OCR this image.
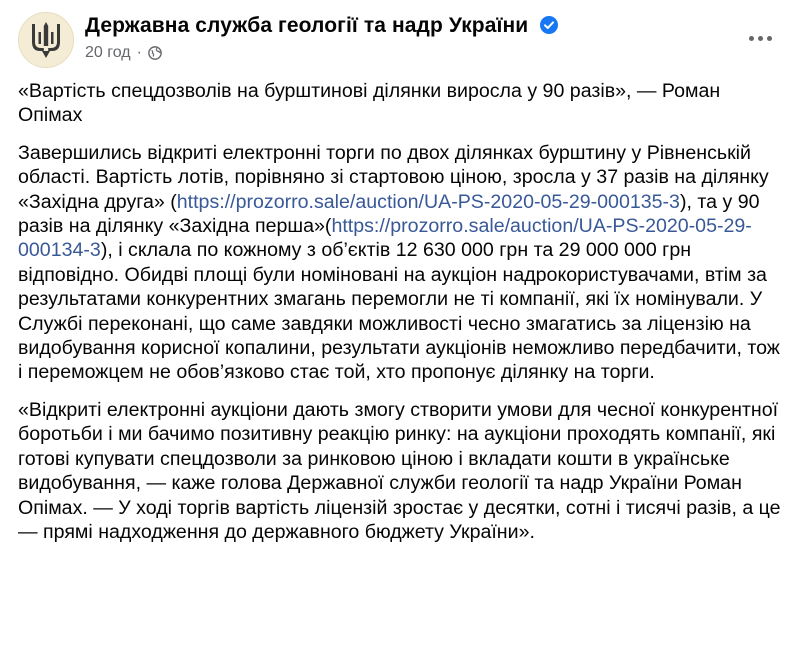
Державна служба геології та надр України
20 год ·

«Вартість спецдозволів на бурштинові ділянки виросла у 90 разів», — Роман Опімах

Завершились відкриті електронні торги по двох ділянках бурштину у Рівненській області. Вартість лотів, порівняно зі стартовою ціною, зросла у 37 разів на ділянку «Західна друга» (https://prozorro.sale/auction/UA-PS-2020-05-29-000135-3), та у 90 разів на ділянку «Західна перша»(https://prozorro.sale/auction/UA-PS-2020-05-29-000134-3), і склала по кожному з об’єктів 12 630 000 грн та 29 000 000 грн відповідно. Обидві площі були номіновані на аукціон надрокористувачами, втім за результатами конкурентних змагань перемогли не ті компанії, які їх номінували. У Службі переконані, що саме завдяки можливості чесно змагатись за ліцензію на видобування корисної копалини, результати аукціонів неможливо передбачити, тож і переможцем не обов’язково стає той, хто пропонує ділянку на торги.

«Відкриті електронні аукціони дають змогу створити умови для чесної конкурентної боротьби і ми бачимо позитивну реакцію ринку: на аукціони проходять компанії, які готові купувати спецдозволи за ринковою ціною і вкладати кошти в українське видобування, — каже голова Державної служби геології та надр України Роман Опімах. — У ході торгів вартість ліцензій зростає у десятки, сотні і тисячі разів, а це — прямі надходження до державного бюджету України».
